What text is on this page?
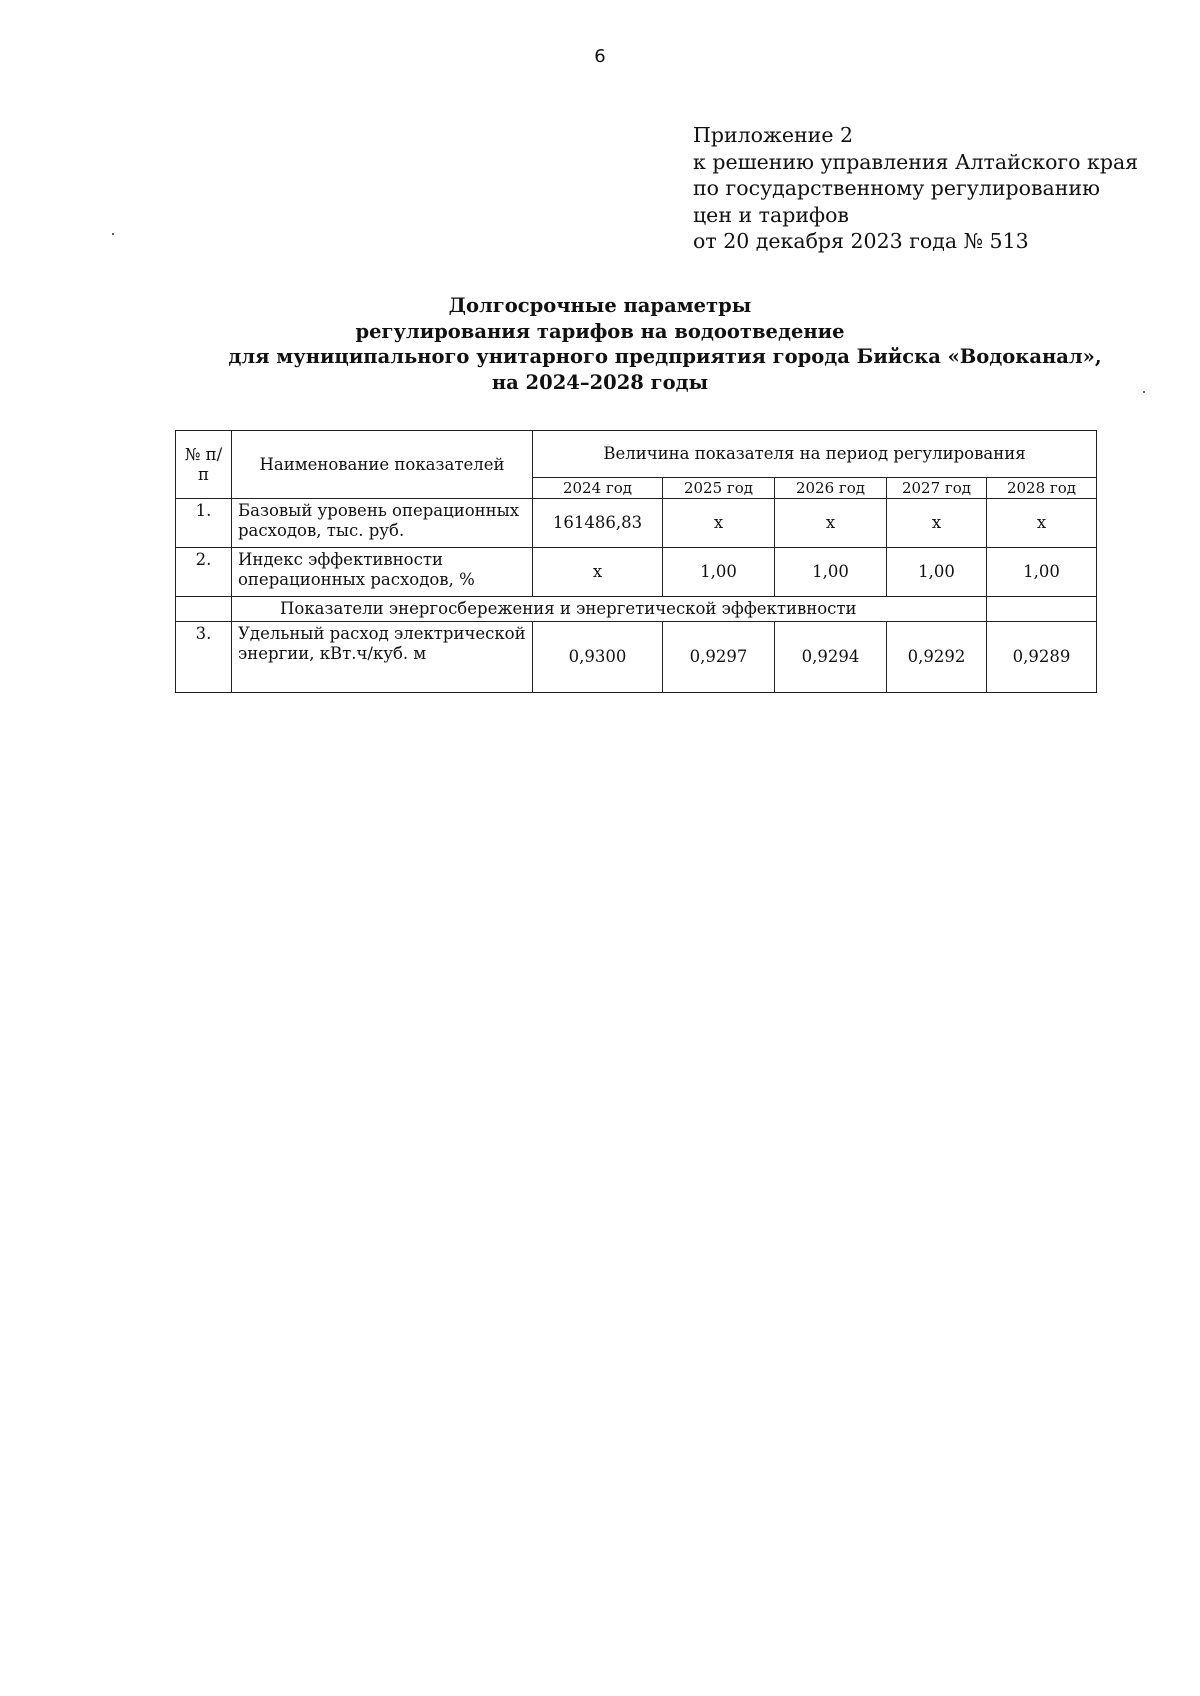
6
Приложение 2
к решению управления Алтайского края
по государственному регулированию
цен и тарифов
от 20 декабря 2023 года № 513
Долгосрочные параметры
регулирования тарифов на водоотведение
для муниципального унитарного предприятия города Бийска «Водоканал»,
на 2024–2028 годы
№ п/п	Наименование показателей	Величина показателя на период регулирования				
		2024 год	2025 год	2026 год	2027 год	2028 год
1.	Базовый уровень операционных расходов, тыс. руб.	161486,83	х	х	х	х
2.	Индекс эффективности операционных расходов, %	х	1,00	1,00	1,00	1,00
	Показатели энергосбережения и энергетической эффективности					
3.	Удельный расход электрической энергии, кВт.ч/куб. м	0,9300	0,9297	0,9294	0,9292	0,9289
